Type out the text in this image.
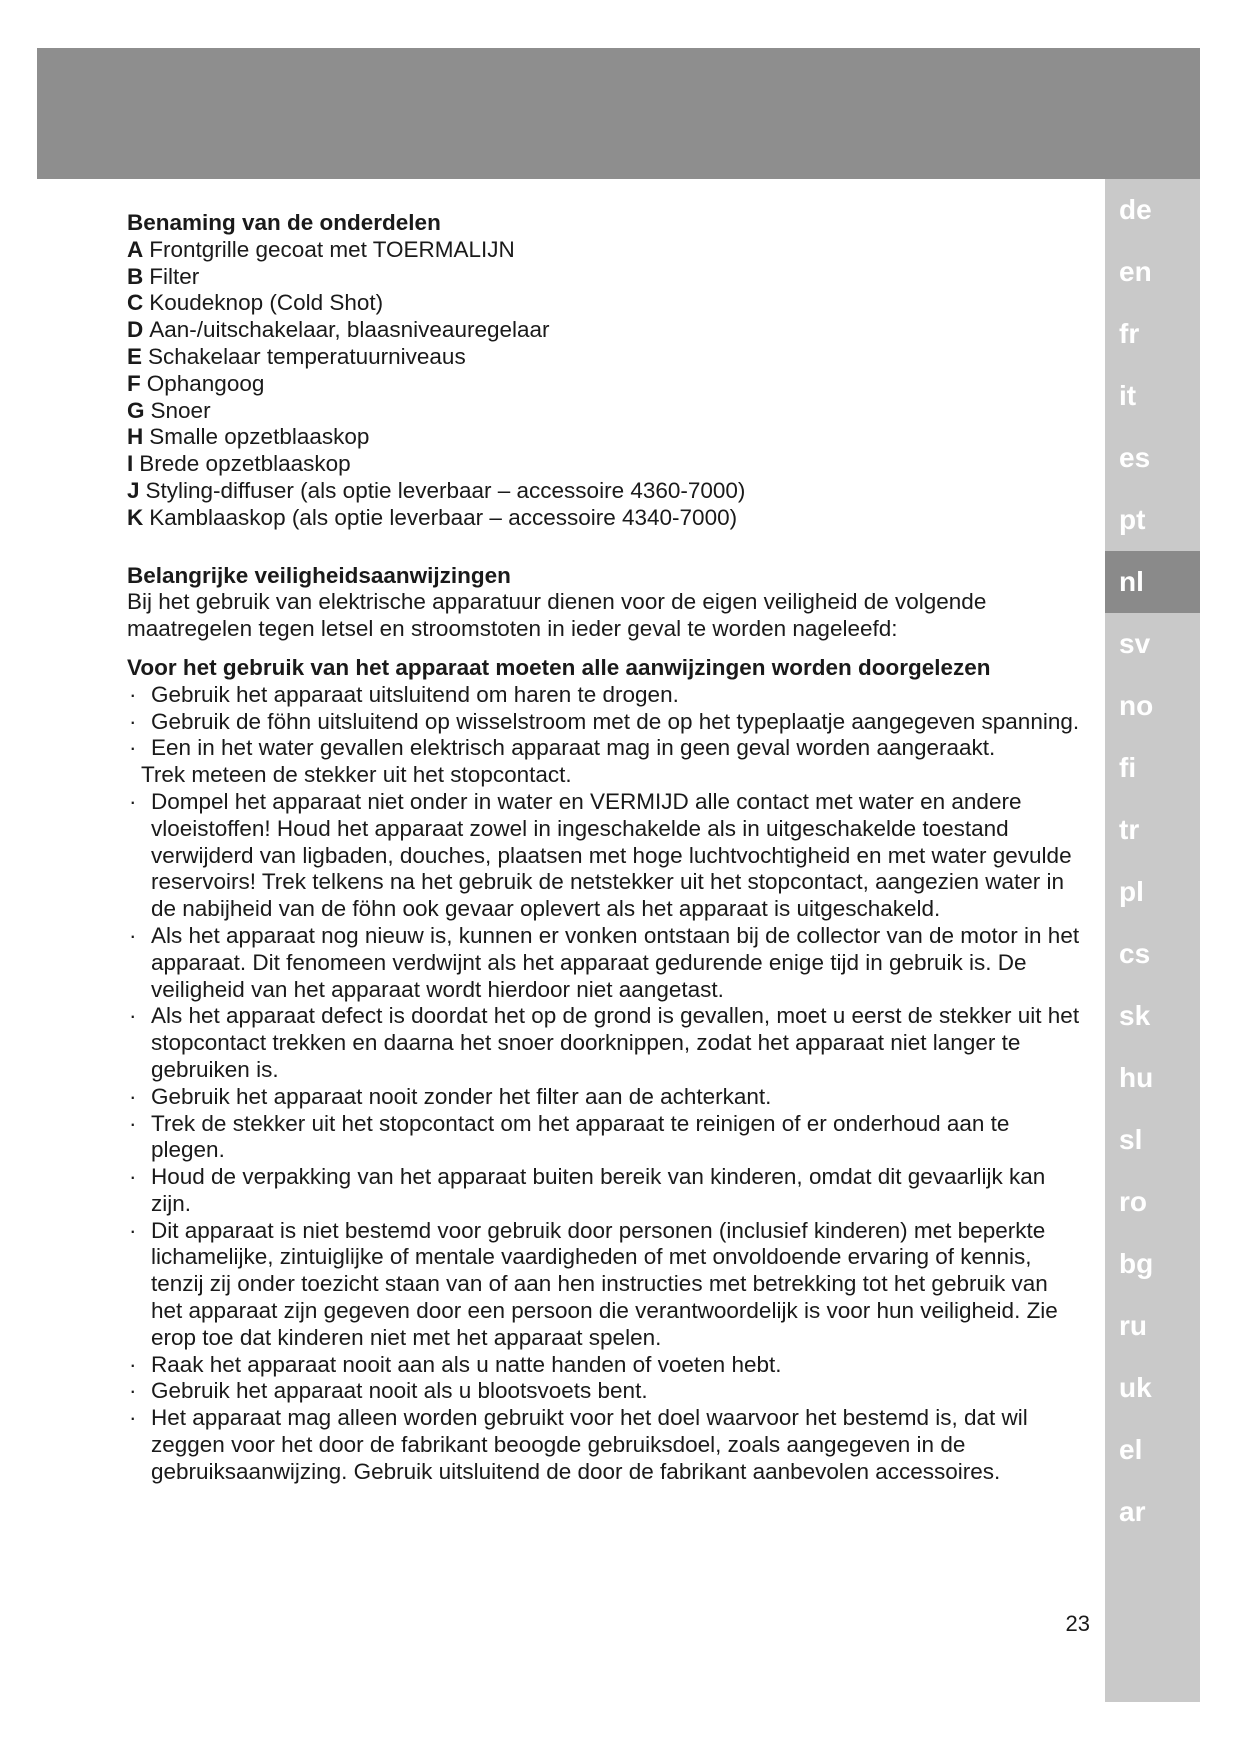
de
en
fr
it
es
pt
nl
sv
no
fi
tr
pl
cs
sk
hu
sl
ro
bg
ru
uk
el
ar
Benaming van de onderdelen
A Frontgrille gecoat met TOERMALIJN
B Filter
C Koudeknop (Cold Shot)
D Aan-/uitschakelaar, blaasniveauregelaar
E Schakelaar temperatuurniveaus
F Ophangoog
G Snoer
H Smalle opzetblaaskop
I Brede opzetblaaskop
J Styling-diffuser (als optie leverbaar – accessoire 4360-7000)
K Kamblaaskop (als optie leverbaar – accessoire 4340-7000)
Belangrijke veiligheidsaanwijzingen

Bij het gebruik van elektrische apparatuur dienen voor de eigen veiligheid de volgende maatregelen tegen letsel en stroomstoten in ieder geval te worden nageleefd:

Voor het gebruik van het apparaat moeten alle aanwijzingen worden doorgelezen
· Gebruik het apparaat uitsluitend om haren te drogen.
· Gebruik de föhn uitsluitend op wisselstroom met de op het typeplaatje aangegeven spanning.
· Een in het water gevallen elektrisch apparaat mag in geen geval worden aangeraakt.
Trek meteen de stekker uit het stopcontact.
· Dompel het apparaat niet onder in water en VERMIJD alle contact met water en andere vloeistoffen! Houd het apparaat zowel in ingeschakelde als in uitgeschakelde toestand verwijderd van ligbaden, douches, plaatsen met hoge luchtvochtigheid en met water gevulde reservoirs! Trek telkens na het gebruik de netstekker uit het stopcontact, aangezien water in de nabijheid van de föhn ook gevaar oplevert als het apparaat is uitgeschakeld.
· Als het apparaat nog nieuw is, kunnen er vonken ontstaan bij de collector van de motor in het apparaat. Dit fenomeen verdwijnt als het apparaat gedurende enige tijd in gebruik is. De veiligheid van het apparaat wordt hierdoor niet aangetast.
· Als het apparaat defect is doordat het op de grond is gevallen, moet u eerst de stekker uit het stopcontact trekken en daarna het snoer doorknippen, zodat het apparaat niet langer te gebruiken is.
· Gebruik het apparaat nooit zonder het filter aan de achterkant.
· Trek de stekker uit het stopcontact om het apparaat te reinigen of er onderhoud aan te plegen.
· Houd de verpakking van het apparaat buiten bereik van kinderen, omdat dit gevaarlijk kan zijn.
· Dit apparaat is niet bestemd voor gebruik door personen (inclusief kinderen) met beperkte lichamelijke, zintuiglijke of mentale vaardigheden of met onvoldoende ervaring of kennis, tenzij zij onder toezicht staan van of aan hen instructies met betrekking tot het gebruik van het apparaat zijn gegeven door een persoon die verantwoordelijk is voor hun veiligheid. Zie erop toe dat kinderen niet met het apparaat spelen.
· Raak het apparaat nooit aan als u natte handen of voeten hebt.
· Gebruik het apparaat nooit als u blootsvoets bent.
· Het apparaat mag alleen worden gebruikt voor het doel waarvoor het bestemd is, dat wil zeggen voor het door de fabrikant beoogde gebruiksdoel, zoals aangegeven in de gebruiksaanwijzing. Gebruik uitsluitend de door de fabrikant aanbevolen accessoires.
23
